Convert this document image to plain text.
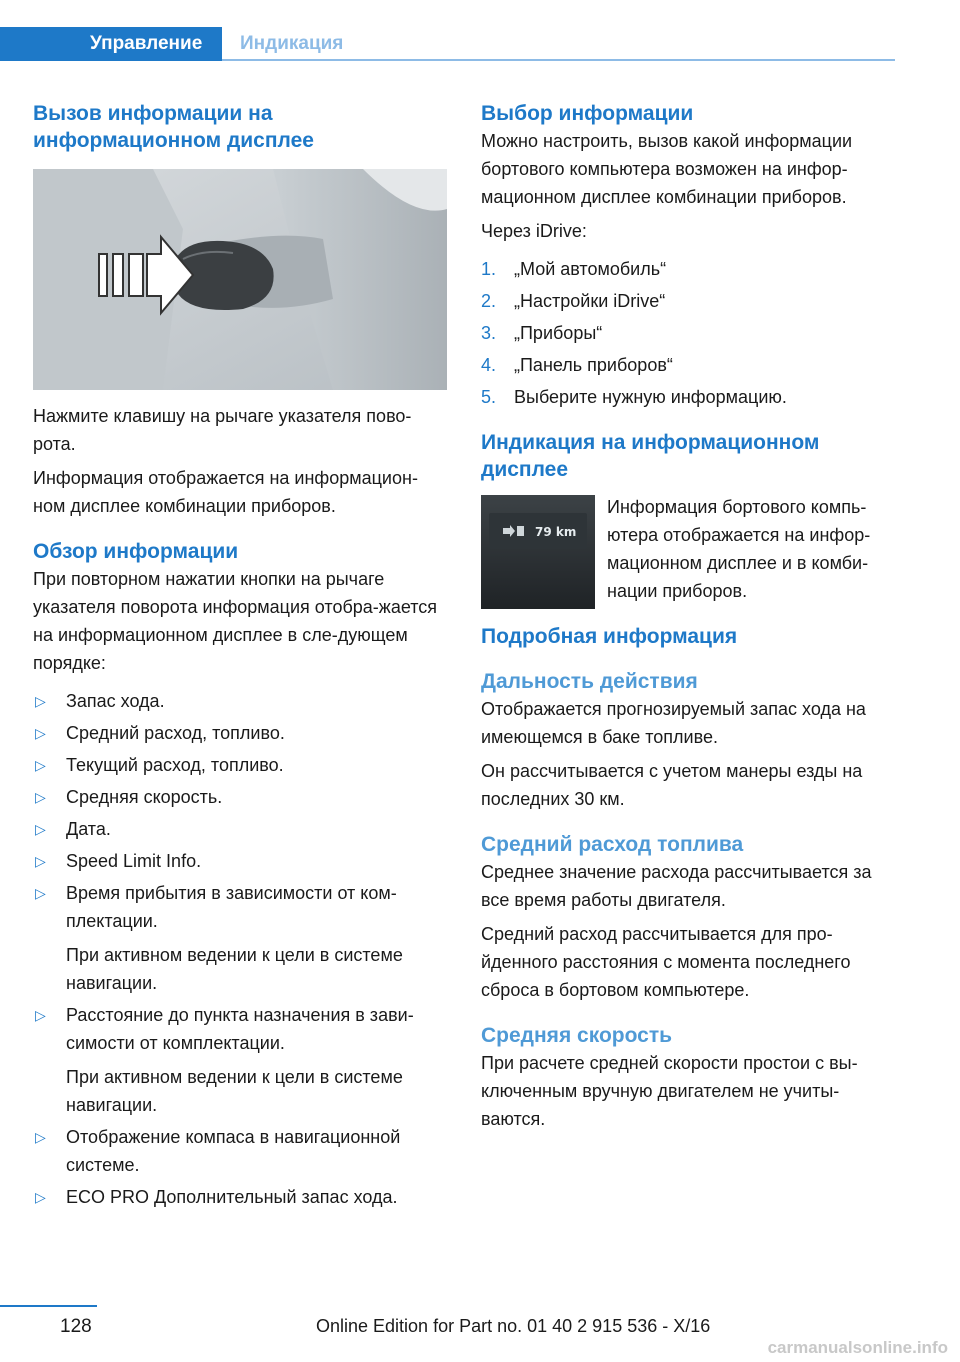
Управление Индикация
Вызов информации на информационном дисплее

Нажмите клавишу на рычаге указателя пово-рота.

Информация отображается на информацион-ном дисплее комбинации приборов.

Обзор информации

При повторном нажатии кнопки на рычаге указателя поворота информация отобра-жается на информационном дисплее в сле-дующем порядке:

▷ Запас хода.
▷ Средний расход, топливо.
▷ Текущий расход, топливо.
▷ Средняя скорость.
▷ Дата.
▷ Speed Limit Info.
▷ Время прибытия в зависимости от ком-плектации.
При активном ведении к цели в системе навигации.
▷ Расстояние до пункта назначения в зави-симости от комплектации.
При активном ведении к цели в системе навигации.
▷ Отображение компаса в навигационной системе.
▷ ECO PRO Дополнительный запас хода.
Выбор информации

Можно настроить, вызов какой информации бортового компьютера возможен на инфор-мационном дисплее комбинации приборов.

Через iDrive:

1. „Мой автомобиль“
2. „Настройки iDrive“
3. „Приборы“
4. „Панель приборов“
5. Выберите нужную информацию.
Индикация на информационном дисплее
79 km
Информация бортового компь-ютера отображается на инфор-мационном дисплее и в комби-нации приборов.
Подробная информация
Дальность действия

Отображается прогнозируемый запас хода на имеющемся в баке топливе.

Он рассчитывается с учетом манеры езды на последних 30 км.

Средний расход топлива

Среднее значение расхода рассчитывается за все время работы двигателя.

Средний расход рассчитывается для про-йденного расстояния с момента последнего сброса в бортовом компьютере.

Средняя скорость

При расчете средней скорости простои с вы-ключенным вручную двигателем не учиты-ваются.

128	Online Edition for Part no. 01 40 2 915 536 - X/16
carmanualsonline.info
